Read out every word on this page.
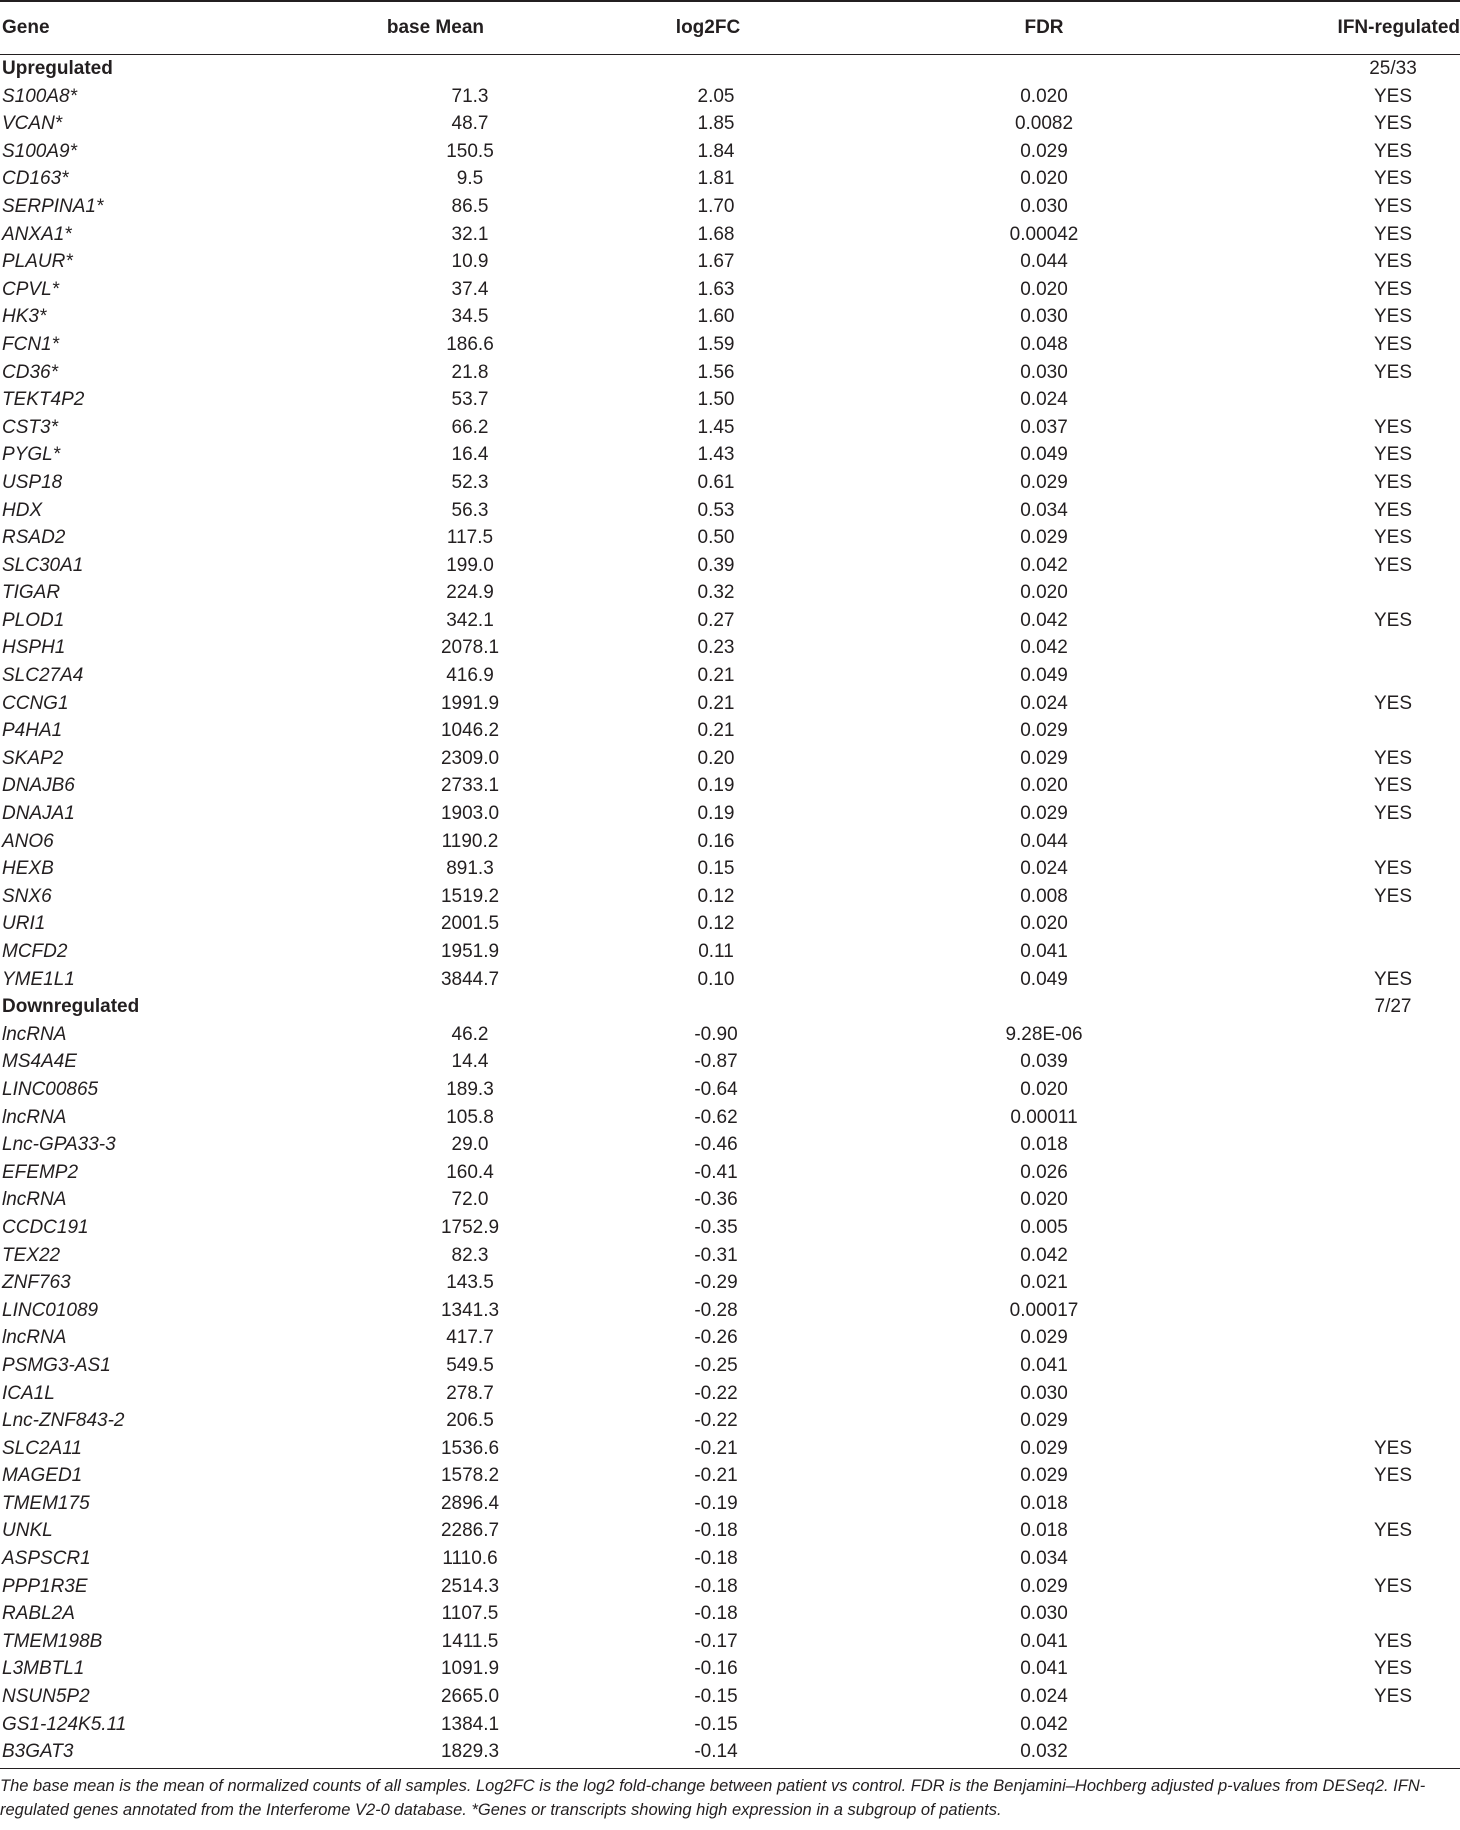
Gene	base Mean	log2FC	FDR	IFN-regulated
Upregulated				25/33
S100A8*	71.3	2.05	0.020	YES
VCAN*	48.7	1.85	0.0082	YES
S100A9*	150.5	1.84	0.029	YES
CD163*	9.5	1.81	0.020	YES
SERPINA1*	86.5	1.70	0.030	YES
ANXA1*	32.1	1.68	0.00042	YES
PLAUR*	10.9	1.67	0.044	YES
CPVL*	37.4	1.63	0.020	YES
HK3*	34.5	1.60	0.030	YES
FCN1*	186.6	1.59	0.048	YES
CD36*	21.8	1.56	0.030	YES
TEKT4P2	53.7	1.50	0.024	
CST3*	66.2	1.45	0.037	YES
PYGL*	16.4	1.43	0.049	YES
USP18	52.3	0.61	0.029	YES
HDX	56.3	0.53	0.034	YES
RSAD2	117.5	0.50	0.029	YES
SLC30A1	199.0	0.39	0.042	YES
TIGAR	224.9	0.32	0.020	
PLOD1	342.1	0.27	0.042	YES
HSPH1	2078.1	0.23	0.042	
SLC27A4	416.9	0.21	0.049	
CCNG1	1991.9	0.21	0.024	YES
P4HA1	1046.2	0.21	0.029	
SKAP2	2309.0	0.20	0.029	YES
DNAJB6	2733.1	0.19	0.020	YES
DNAJA1	1903.0	0.19	0.029	YES
ANO6	1190.2	0.16	0.044	
HEXB	891.3	0.15	0.024	YES
SNX6	1519.2	0.12	0.008	YES
URI1	2001.5	0.12	0.020	
MCFD2	1951.9	0.11	0.041	
YME1L1	3844.7	0.10	0.049	YES
Downregulated				7/27
lncRNA	46.2	-0.90	9.28E-06	
MS4A4E	14.4	-0.87	0.039	
LINC00865	189.3	-0.64	0.020	
lncRNA	105.8	-0.62	0.00011	
Lnc-GPA33-3	29.0	-0.46	0.018	
EFEMP2	160.4	-0.41	0.026	
lncRNA	72.0	-0.36	0.020	
CCDC191	1752.9	-0.35	0.005	
TEX22	82.3	-0.31	0.042	
ZNF763	143.5	-0.29	0.021	
LINC01089	1341.3	-0.28	0.00017	
lncRNA	417.7	-0.26	0.029	
PSMG3-AS1	549.5	-0.25	0.041	
ICA1L	278.7	-0.22	0.030	
Lnc-ZNF843-2	206.5	-0.22	0.029	
SLC2A11	1536.6	-0.21	0.029	YES
MAGED1	1578.2	-0.21	0.029	YES
TMEM175	2896.4	-0.19	0.018	
UNKL	2286.7	-0.18	0.018	YES
ASPSCR1	1110.6	-0.18	0.034	
PPP1R3E	2514.3	-0.18	0.029	YES
RABL2A	1107.5	-0.18	0.030	
TMEM198B	1411.5	-0.17	0.041	YES
L3MBTL1	1091.9	-0.16	0.041	YES
NSUN5P2	2665.0	-0.15	0.024	YES
GS1-124K5.11	1384.1	-0.15	0.042	
B3GAT3	1829.3	-0.14	0.032	
The base mean is the mean of normalized counts of all samples. Log2FC is the log2 fold-change between patient vs control. FDR is the Benjamini–Hochberg adjusted p-values from DESeq2. IFN-regulated genes annotated from the Interferome V2-0 database. *Genes or transcripts showing high expression in a subgroup of patients.
